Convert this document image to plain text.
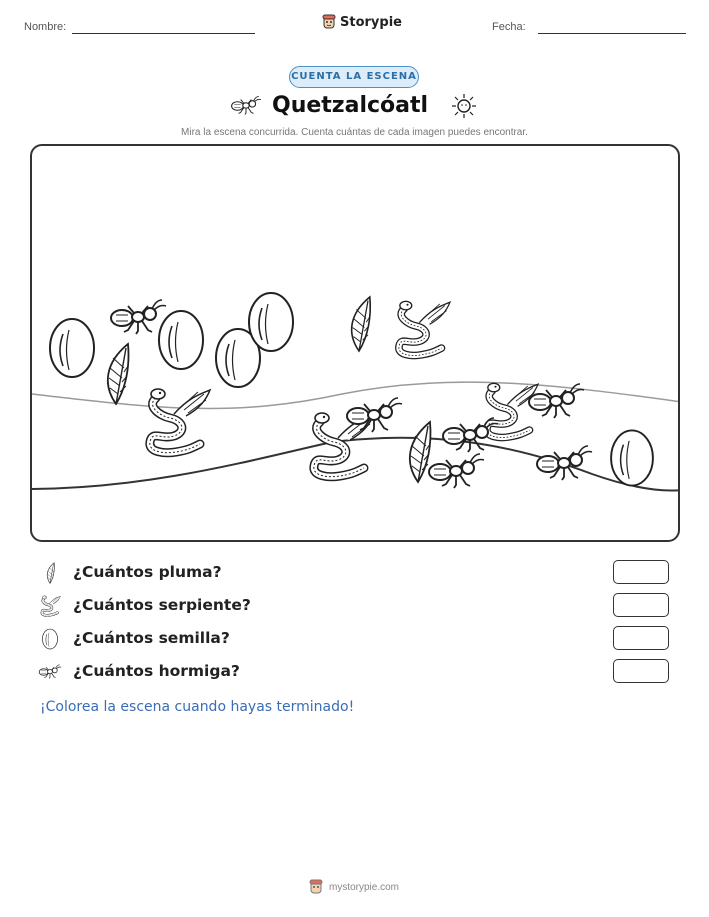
Nombre:	Storypie	Fecha:
CUENTA LA ESCENA
Quetzalcóatl
Mira la escena concurrida. Cuenta cuántas de cada imagen puedes encontrar.
¿Cuántos pluma?
¿Cuántos serpiente?
¿Cuántos semilla?
¿Cuántos hormiga?
¡Colorea la escena cuando hayas terminado!
mystorypie.com
